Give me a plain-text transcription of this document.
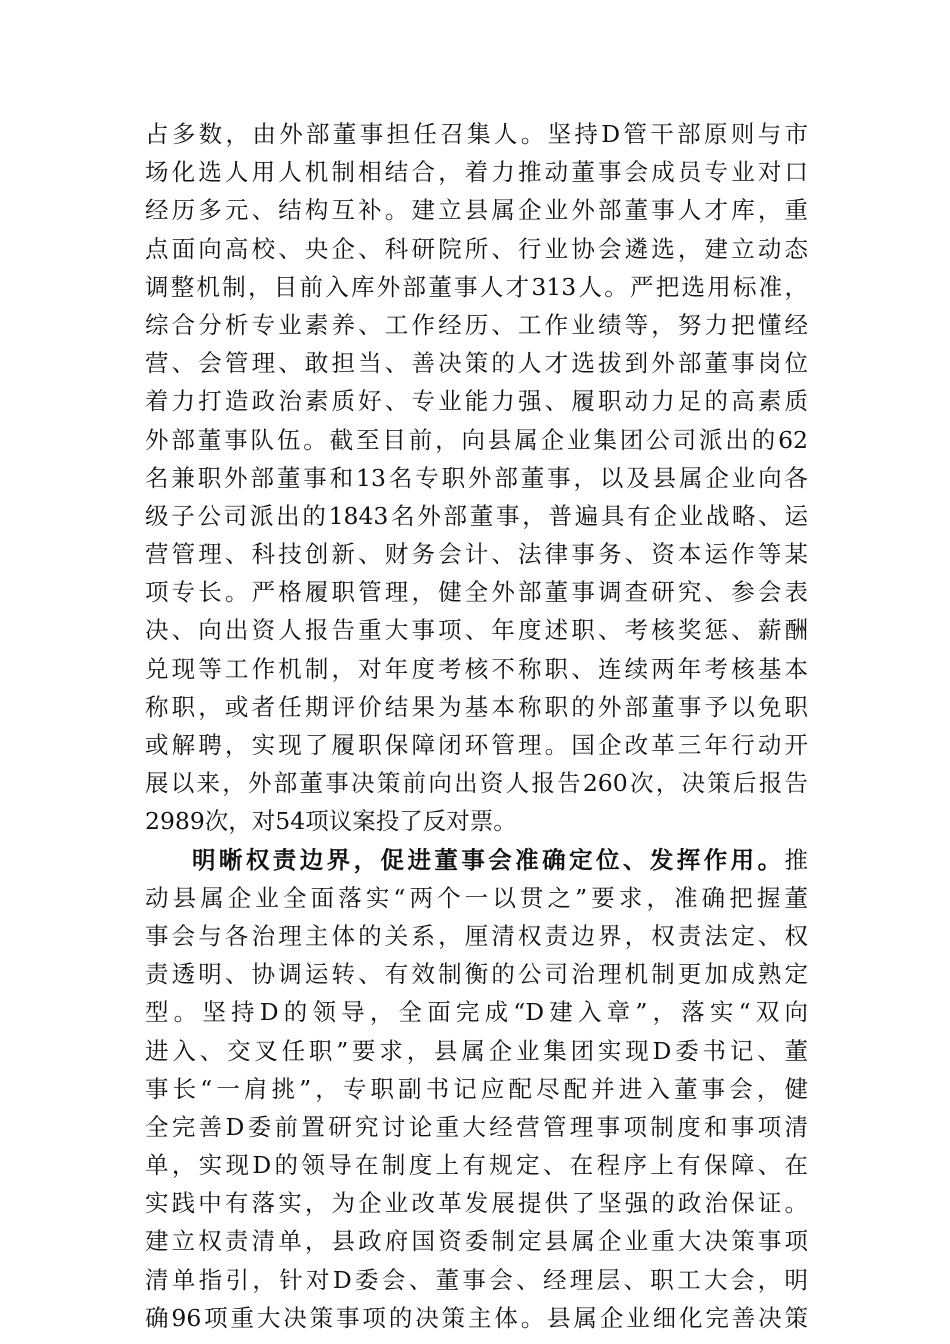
占多数，由外部董事担任召集人。坚持D管干部原则与市
场化选人用人机制相结合，着力推动董事会成员专业对口
经历多元、结构互补。建立县属企业外部董事人才库，重
点面向高校、央企、科研院所、行业协会遴选，建立动态
调整机制，目前入库外部董事人才313人。严把选用标准，
综合分析专业素养、工作经历、工作业绩等，努力把懂经
营、会管理、敢担当、善决策的人才选拔到外部董事岗位
着力打造政治素质好、专业能力强、履职动力足的高素质
外部董事队伍。截至目前，向县属企业集团公司派出的62
名兼职外部董事和13名专职外部董事，以及县属企业向各
级子公司派出的1843名外部董事，普遍具有企业战略、运
营管理、科技创新、财务会计、法律事务、资本运作等某
项专长。严格履职管理，健全外部董事调查研究、参会表
决、向出资人报告重大事项、年度述职、考核奖惩、薪酬
兑现等工作机制，对年度考核不称职、连续两年考核基本
称职，或者任期评价结果为基本称职的外部董事予以免职
或解聘，实现了履职保障闭环管理。国企改革三年行动开
展以来，外部董事决策前向出资人报告260次，决策后报告
2989次，对54项议案投了反对票。
明晰权责边界，促进董事会准确定位、发挥作用。推
动县属企业全面落实“两个一以贯之”要求，准确把握董
事会与各治理主体的关系，厘清权责边界，权责法定、权
责透明、协调运转、有效制衡的公司治理机制更加成熟定
型。坚持D的领导，全面完成“D建入章”，落实“双向
进入、交叉任职”要求，县属企业集团实现D委书记、董
事长“一肩挑”，专职副书记应配尽配并进入董事会，健
全完善D委前置研究讨论重大经营管理事项制度和事项清
单，实现D的领导在制度上有规定、在程序上有保障、在
实践中有落实，为企业改革发展提供了坚强的政治保证。
建立权责清单，县政府国资委制定县属企业重大决策事项
清单指引，针对D委会、董事会、经理层、职工大会，明
确96项重大决策事项的决策主体。县属企业细化完善决策
